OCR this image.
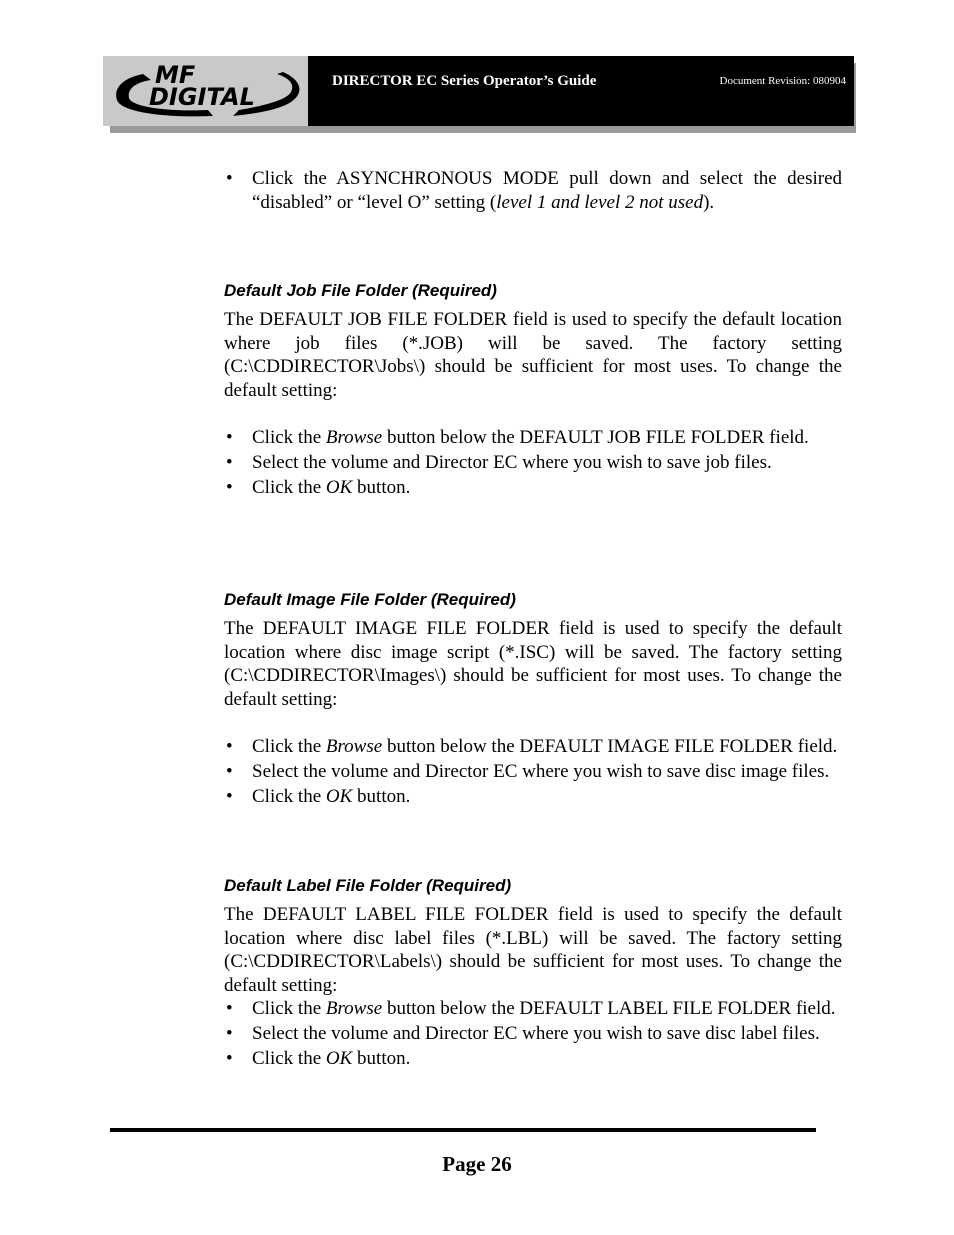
MF
DIGITAL
DIRECTOR EC Series Operator’s Guide	Document Revision: 080904
• Click the ASYNCHRONOUS MODE pull down and select the desired “disabled” or “level O” setting (level 1 and level 2 not used).
Default Job File Folder (Required)

The DEFAULT JOB FILE FOLDER field is used to specify the default location where job files (*.JOB) will be saved. The factory setting (C:\CDDIRECTOR\Jobs\) should be sufficient for most uses. To change the default setting:

• Click the Browse button below the DEFAULT JOB FILE FOLDER field.
• Select the volume and Director EC where you wish to save job files.
• Click the OK button.
Default Image File Folder (Required)

The DEFAULT IMAGE FILE FOLDER field is used to specify the default location where disc image script (*.ISC) will be saved. The factory setting (C:\CDDIRECTOR\Images\) should be sufficient for most uses. To change the default setting:

• Click the Browse button below the DEFAULT IMAGE FILE FOLDER field.
• Select the volume and Director EC where you wish to save disc image files.
• Click the OK button.
Default Label File Folder (Required)

The DEFAULT LABEL FILE FOLDER field is used to specify the default location where disc label files (*.LBL) will be saved. The factory setting (C:\CDDIRECTOR\Labels\) should be sufficient for most uses. To change the default setting:

• Click the Browse button below the DEFAULT LABEL FILE FOLDER field.
• Select the volume and Director EC where you wish to save disc label files.
• Click the OK button.
Page 26
